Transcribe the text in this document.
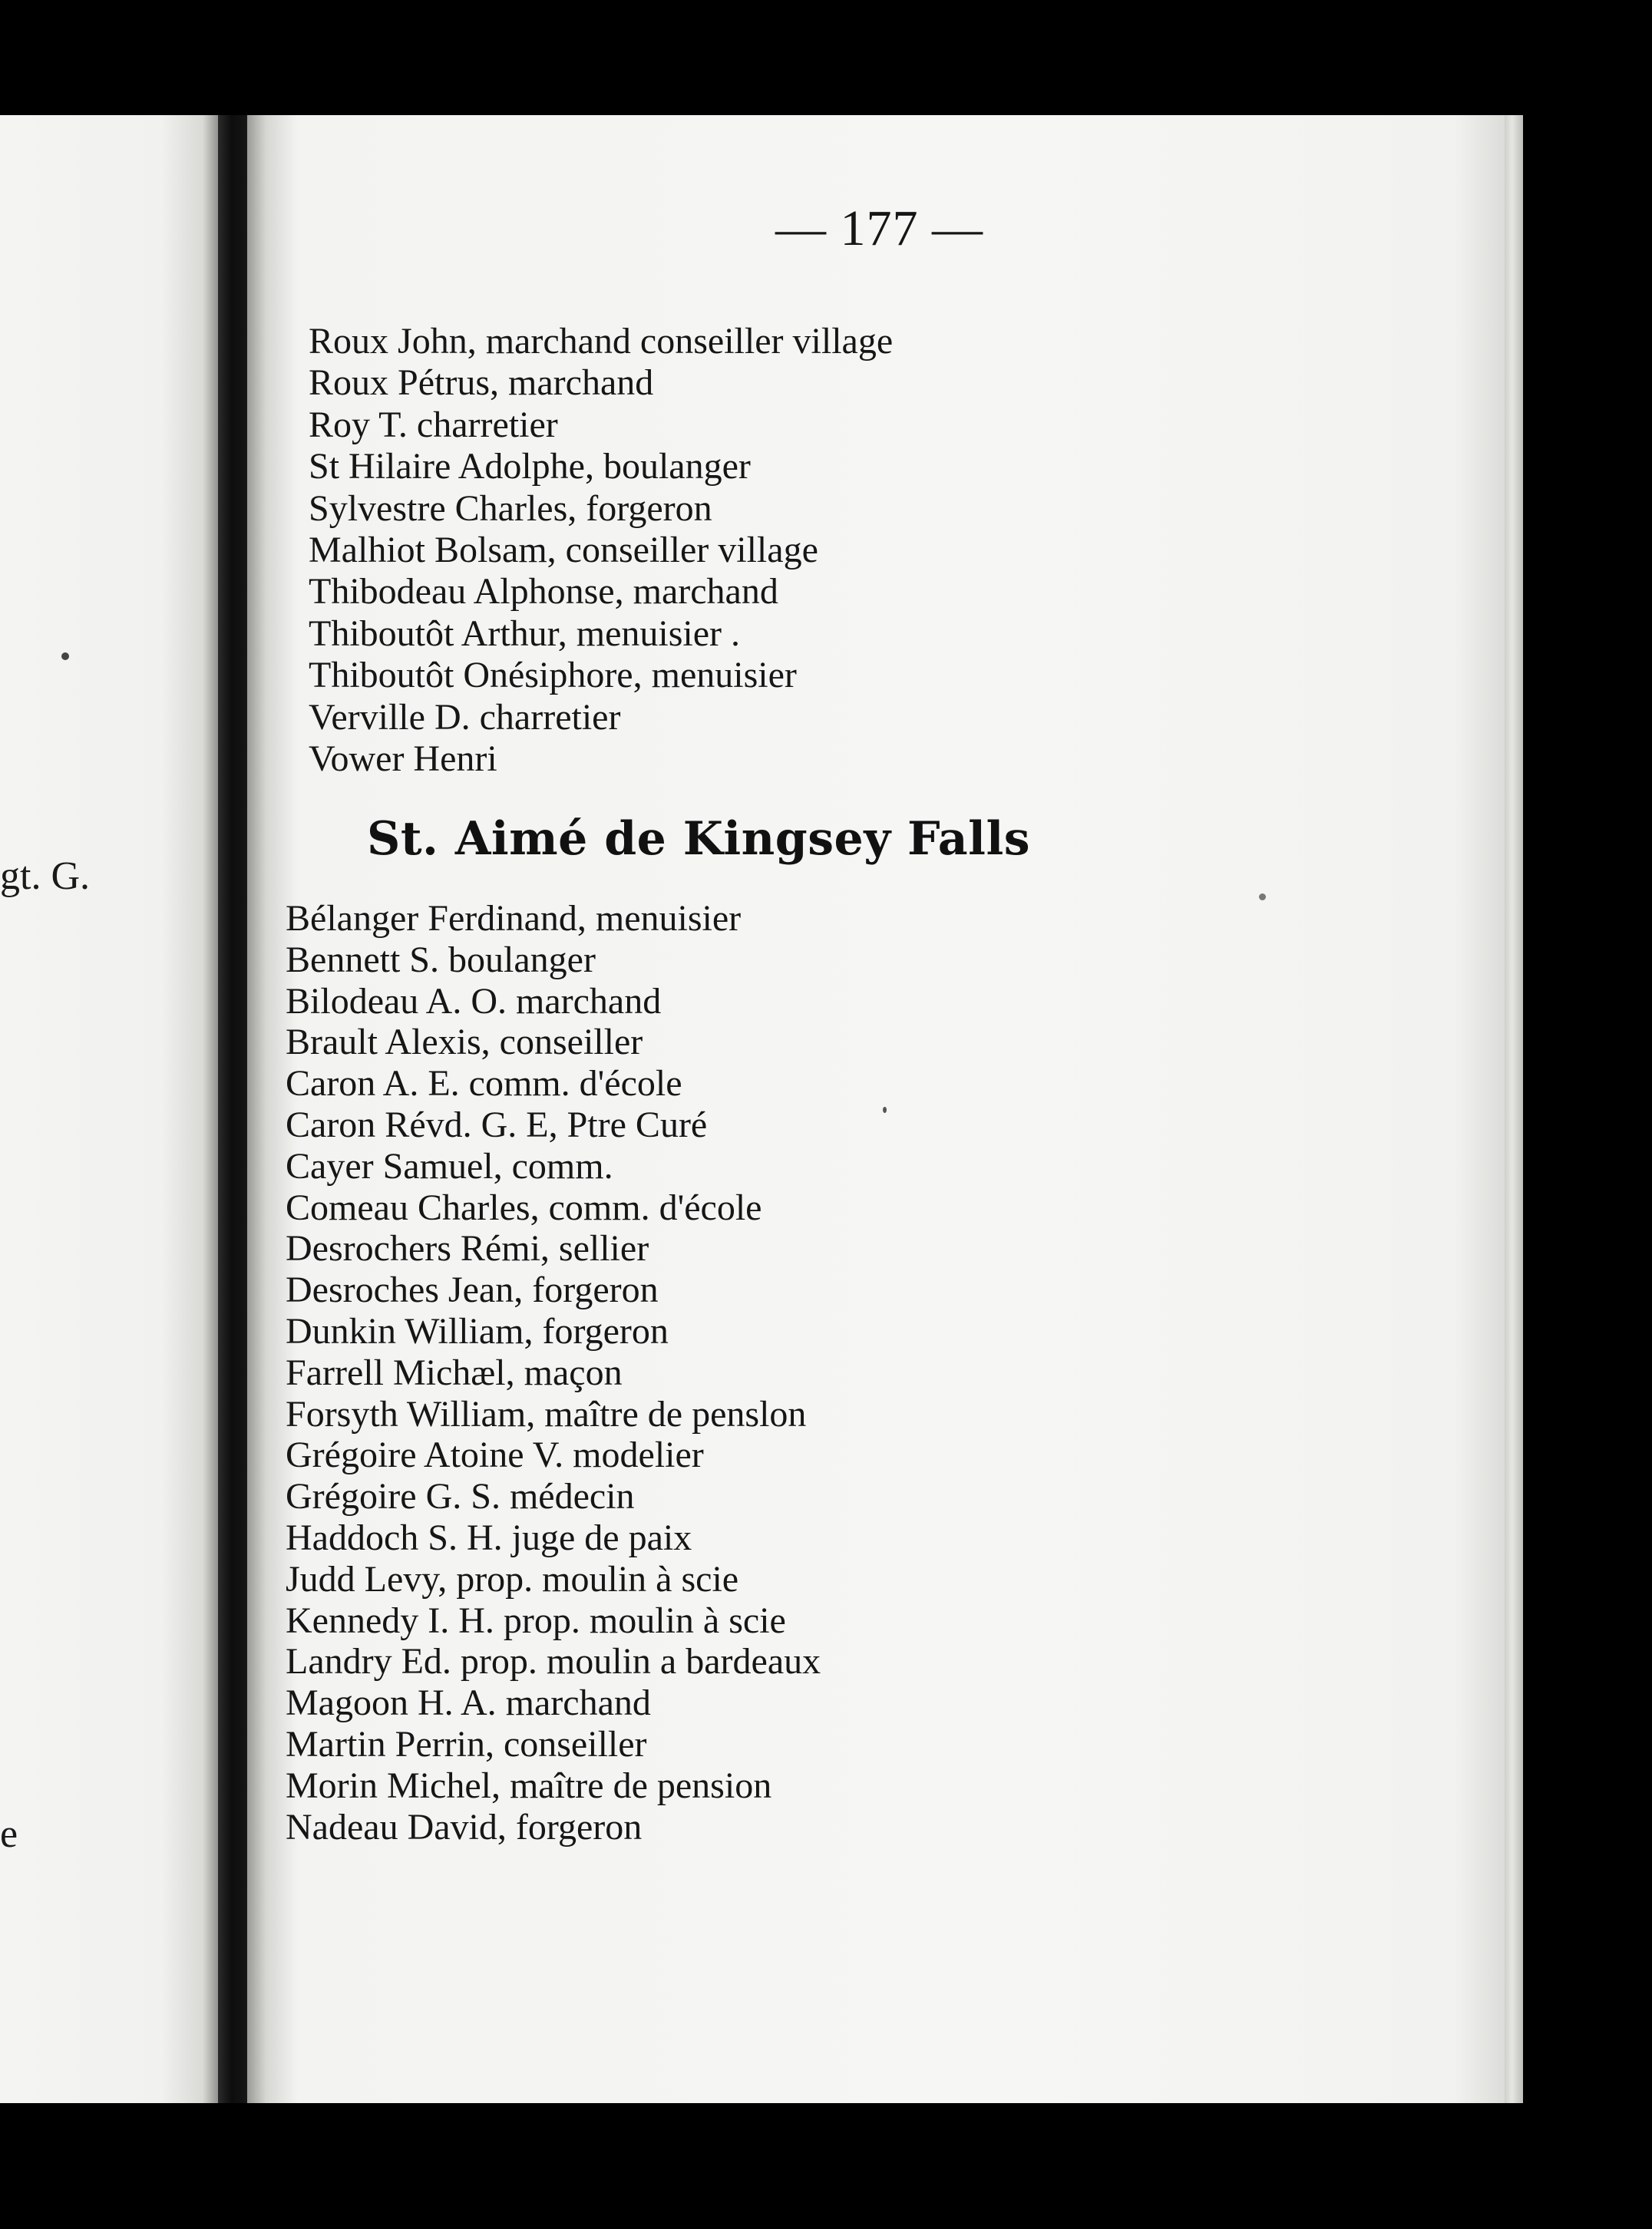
gt. G.
e
— 177 —
Roux John, marchand conseiller village
Roux Pétrus, marchand
Roy T. charretier
St Hilaire Adolphe, boulanger
Sylvestre Charles, forgeron
Malhiot Bolsam, conseiller village
Thibodeau Alphonse, marchand
Thiboutôt Arthur, menuisier .
Thiboutôt Onésiphore, menuisier
Verville D. charretier
Vower Henri
St. Aimé de Kingsey Falls
Bélanger Ferdinand, menuisier
Bennett S. boulanger
Bilodeau A. O. marchand
Brault Alexis, conseiller
Caron A. E. comm. d'école
Caron Révd. G. E, Ptre Curé
Cayer Samuel, comm.
Comeau Charles, comm. d'école
Desrochers Rémi, sellier
Desroches Jean, forgeron
Dunkin William, forgeron
Farrell Michæl, maçon
Forsyth William, maître de penslon
Grégoire Atoine V. modelier
Grégoire G. S. médecin
Haddoch S. H. juge de paix
Judd Levy, prop. moulin à scie
Kennedy I. H. prop. moulin à scie
Landry Ed. prop. moulin a bardeaux
Magoon H. A. marchand
Martin Perrin, conseiller
Morin Michel, maître de pension
Nadeau David, forgeron
